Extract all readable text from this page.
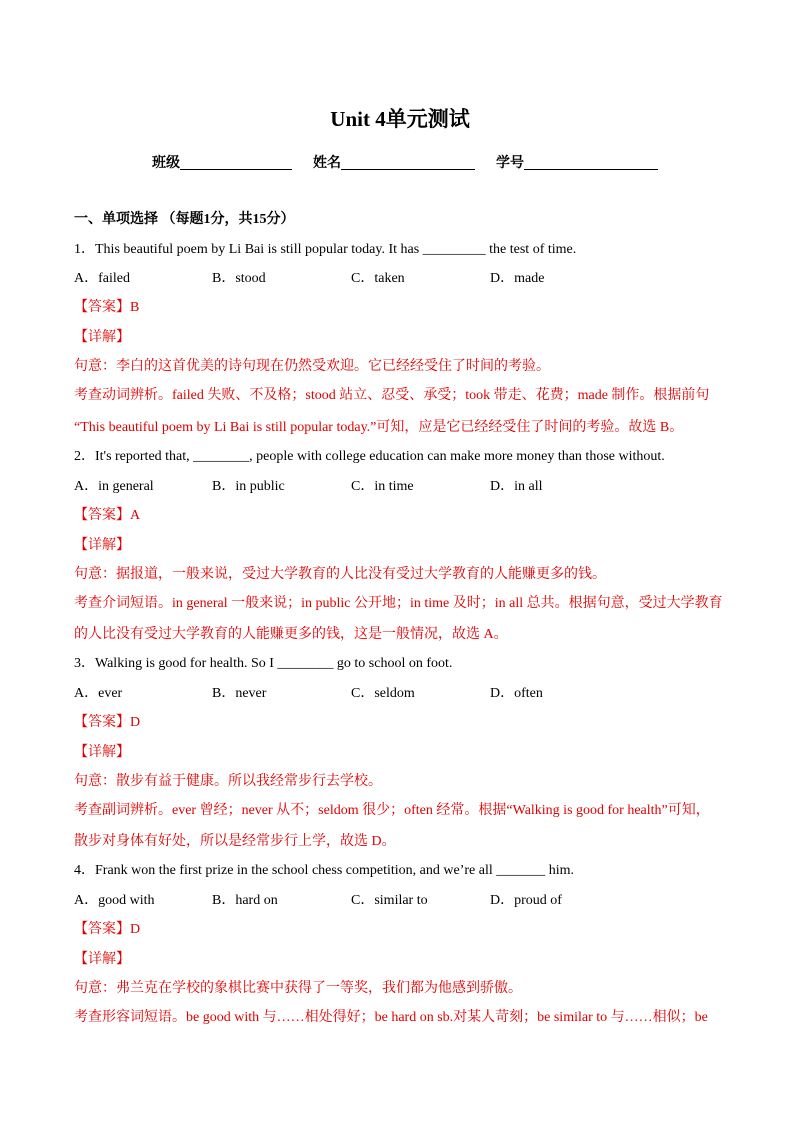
Unit 4单元测试
班级	姓名	学号
一、单项选择 （每题1分，共15分）
1．This beautiful poem by Li Bai is still popular today. It has _________ the test of time.
A．failed	B．stood	C．taken	D．made
【答案】B
【详解】
句意：李白的这首优美的诗句现在仍然受欢迎。它已经经受住了时间的考验。
考查动词辨析。failed 失败、不及格；stood 站立、忍受、承受；took 带走、花费；made 制作。根据前句
“This beautiful poem by Li Bai is still popular today.”可知，应是它已经经受住了时间的考验。故选 B。
2．It's reported that, ________, people with college education can make more money than those without.
A．in general	B．in public	C．in time	D．in all
【答案】A
【详解】
句意：据报道，一般来说，受过大学教育的人比没有受过大学教育的人能赚更多的钱。
考查介词短语。in general 一般来说；in public 公开地；in time 及时；in all 总共。根据句意，受过大学教育
的人比没有受过大学教育的人能赚更多的钱，这是一般情况，故选 A。
3．Walking is good for health. So I ________ go to school on foot.
A．ever	B．never	C．seldom	D．often
【答案】D
【详解】
句意：散步有益于健康。所以我经常步行去学校。
考查副词辨析。ever 曾经；never 从不；seldom 很少；often 经常。根据“Walking is good for health”可知，
散步对身体有好处，所以是经常步行上学，故选 D。
4．Frank won the first prize in the school chess competition, and we’re all _______ him.
A．good with	B．hard on	C．similar to	D．proud of
【答案】D
【详解】
句意：弗兰克在学校的象棋比赛中获得了一等奖，我们都为他感到骄傲。
考查形容词短语。be good with 与……相处得好；be hard on sb.对某人苛刻；be similar to 与……相似；be
